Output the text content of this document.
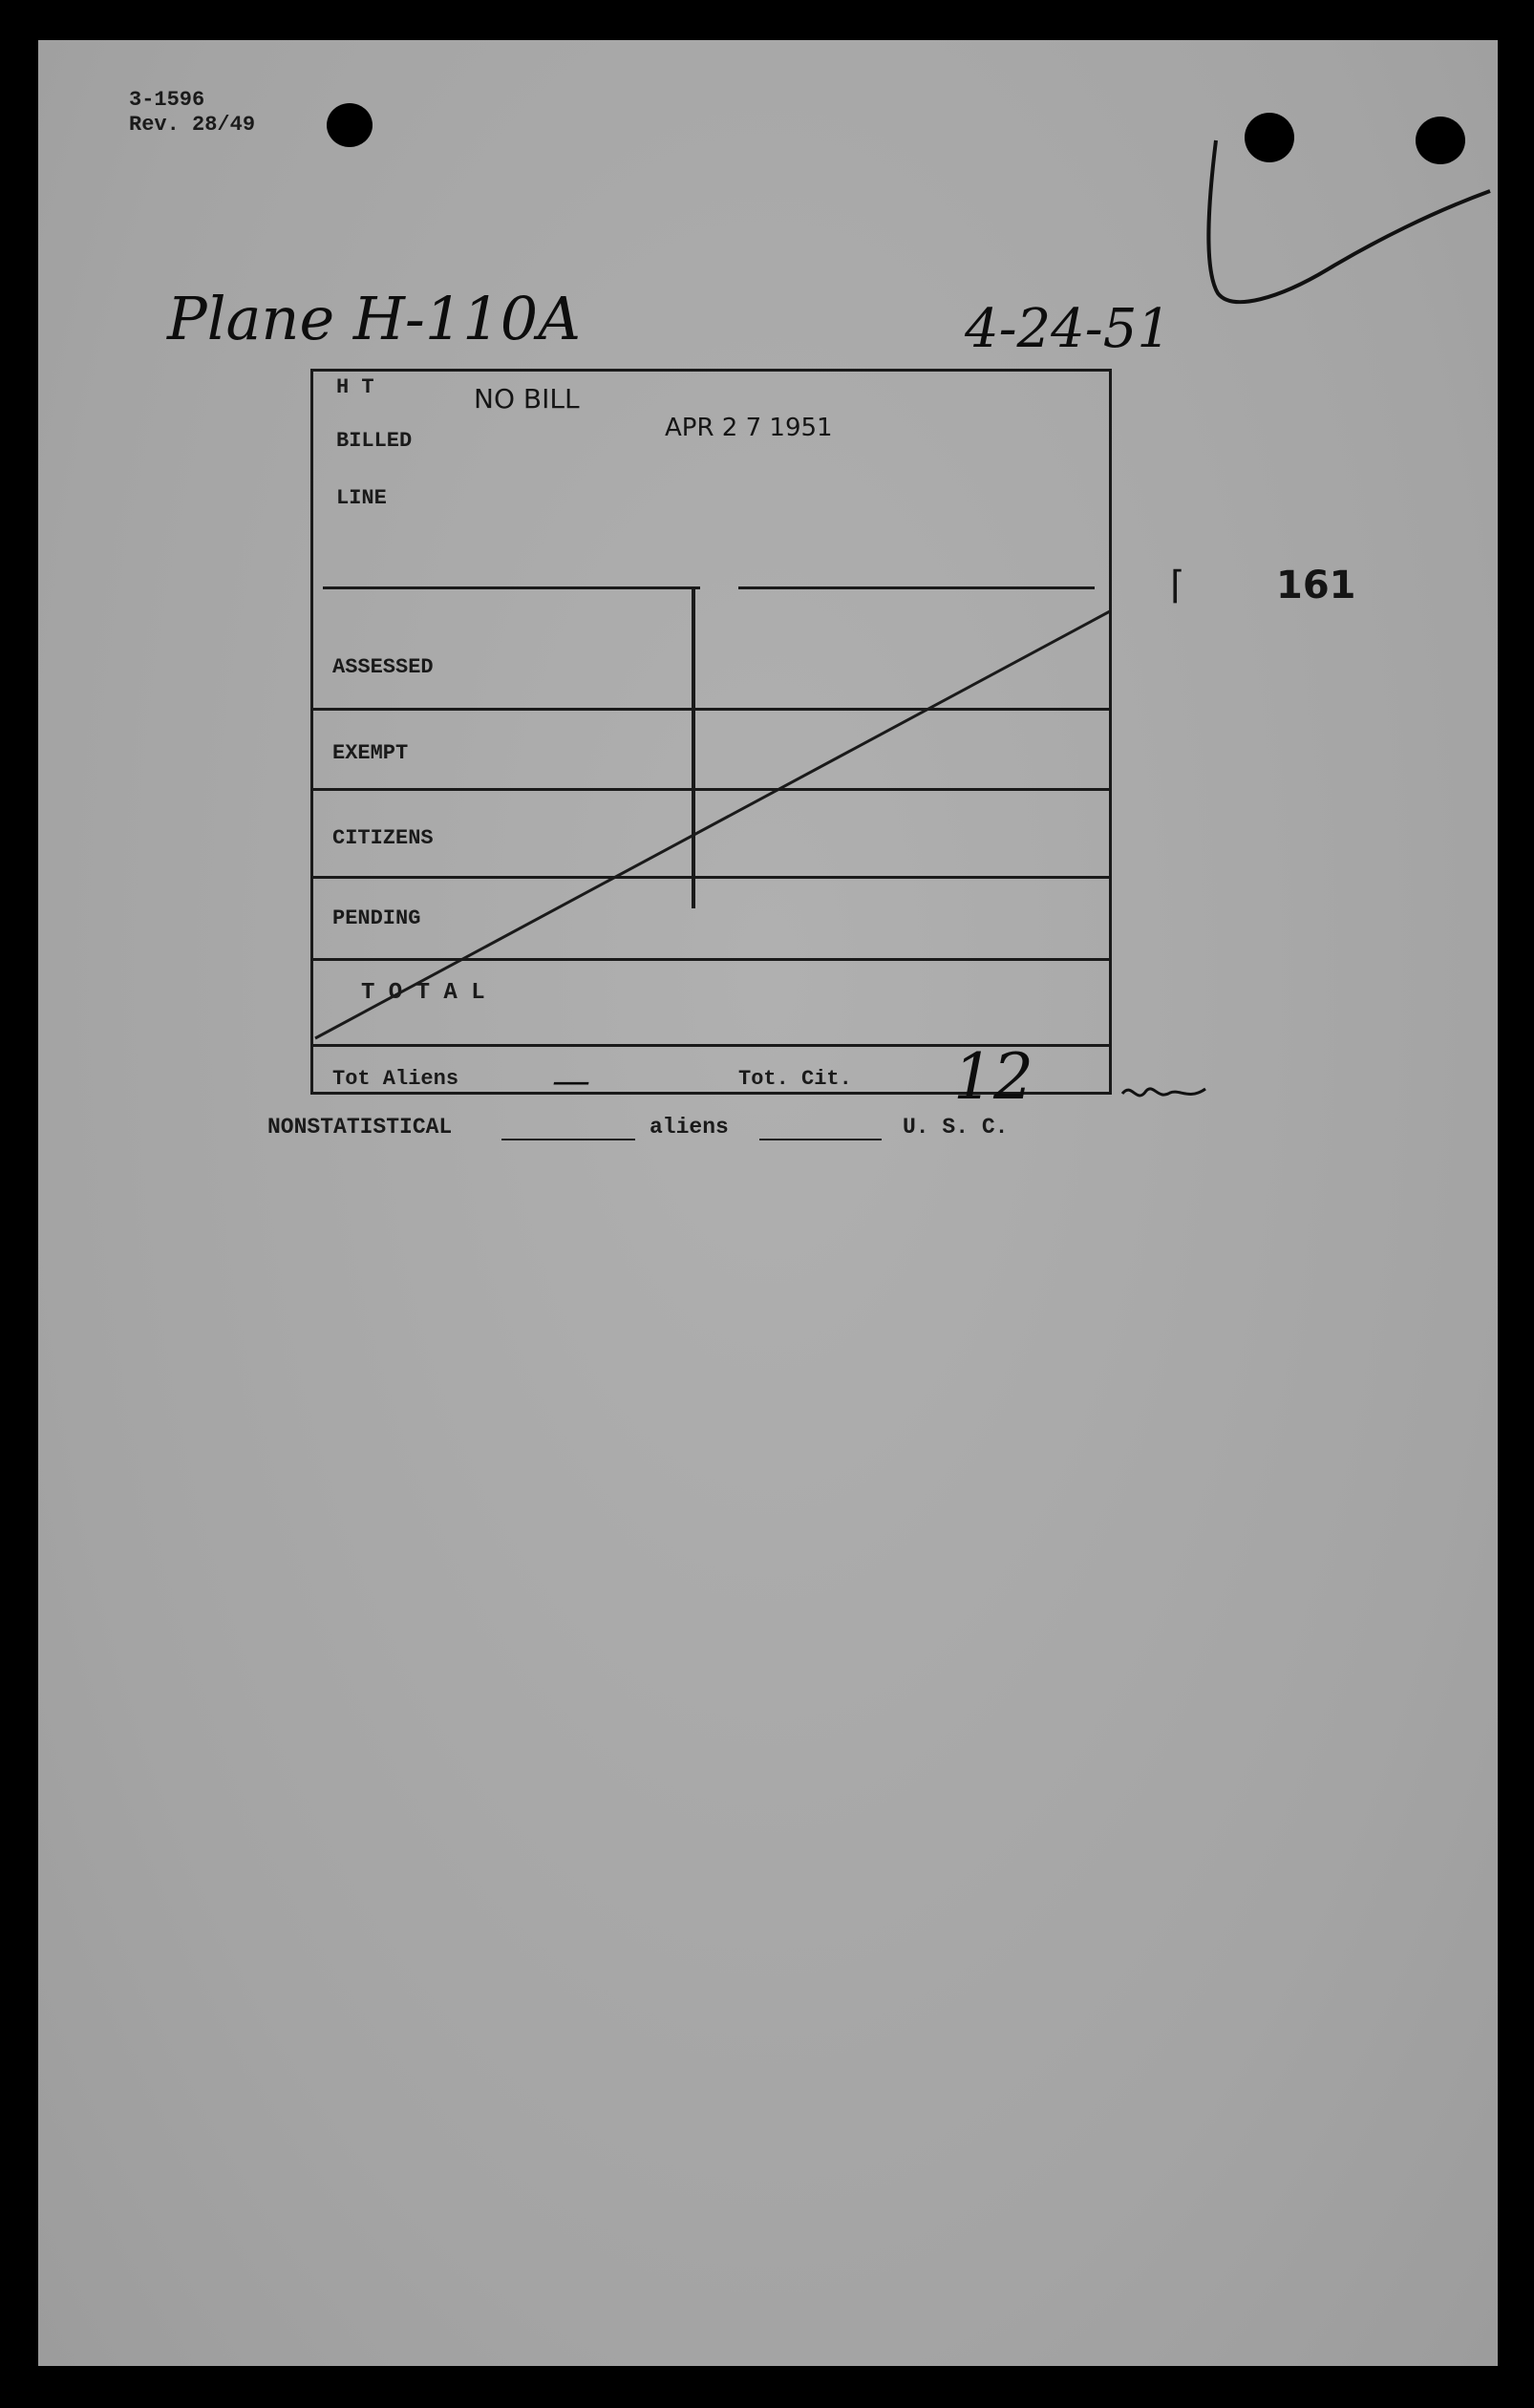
3-1596
Rev. 28/49
Plane H-110A	4-24-51
H T
BILLED
LINE
NO BILL
APR 2 7 1951
ASSESSED
EXEMPT
CITIZENS
PENDING
T O T A L
Tot Aliens —	Tot. Cit. 12
⌈ 161
NONSTATISTICAL	aliens	U. S. C.
